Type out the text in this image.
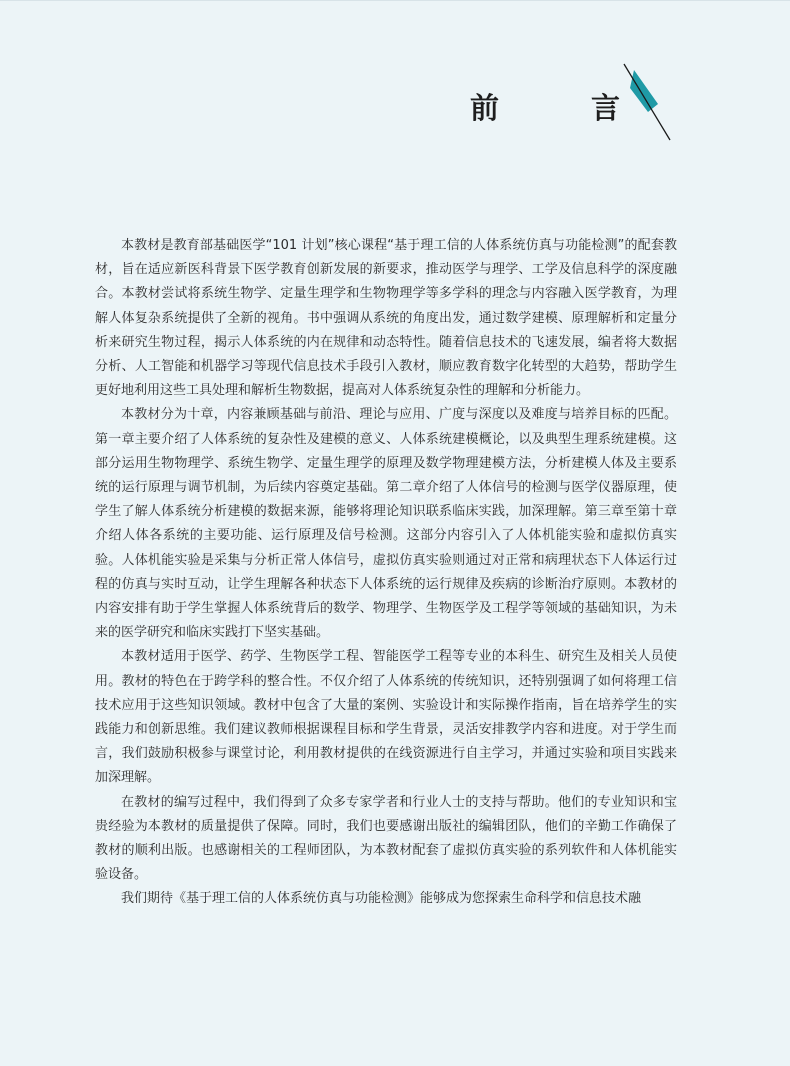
前	言

本教材是教育部基础医学“101 计划”核心课程“基于理工信的人体系统仿真与功能检测”的配套教材，旨在适应新医科背景下医学教育创新发展的新要求，推动医学与理学、工学及信息科学的深度融合。本教材尝试将系统生物学、定量生理学和生物物理学等多学科的理念与内容融入医学教育，为理解人体复杂系统提供了全新的视角。书中强调从系统的角度出发，通过数学建模、原理解析和定量分析来研究生物过程，揭示人体系统的内在规律和动态特性。随着信息技术的飞速发展，编者将大数据分析、人工智能和机器学习等现代信息技术手段引入教材，顺应教育数字化转型的大趋势，帮助学生更好地利用这些工具处理和解析生物数据，提高对人体系统复杂性的理解和分析能力。

本教材分为十章，内容兼顾基础与前沿、理论与应用、广度与深度以及难度与培养目标的匹配。第一章主要介绍了人体系统的复杂性及建模的意义、人体系统建模概论，以及典型生理系统建模。这部分运用生物物理学、系统生物学、定量生理学的原理及数学物理建模方法，分析建模人体及主要系统的运行原理与调节机制，为后续内容奠定基础。第二章介绍了人体信号的检测与医学仪器原理，使学生了解人体系统分析建模的数据来源，能够将理论知识联系临床实践，加深理解。第三章至第十章介绍人体各系统的主要功能、运行原理及信号检测。这部分内容引入了人体机能实验和虚拟仿真实验。人体机能实验是采集与分析正常人体信号，虚拟仿真实验则通过对正常和病理状态下人体运行过程的仿真与实时互动，让学生理解各种状态下人体系统的运行规律及疾病的诊断治疗原则。本教材的内容安排有助于学生掌握人体系统背后的数学、物理学、生物医学及工程学等领域的基础知识，为未来的医学研究和临床实践打下坚实基础。

本教材适用于医学、药学、生物医学工程、智能医学工程等专业的本科生、研究生及相关人员使用。教材的特色在于跨学科的整合性。不仅介绍了人体系统的传统知识，还特别强调了如何将理工信技术应用于这些知识领域。教材中包含了大量的案例、实验设计和实际操作指南，旨在培养学生的实践能力和创新思维。我们建议教师根据课程目标和学生背景，灵活安排教学内容和进度。对于学生而言，我们鼓励积极参与课堂讨论，利用教材提供的在线资源进行自主学习，并通过实验和项目实践来加深理解。

在教材的编写过程中，我们得到了众多专家学者和行业人士的支持与帮助。他们的专业知识和宝贵经验为本教材的质量提供了保障。同时，我们也要感谢出版社的编辑团队，他们的辛勤工作确保了教材的顺利出版。也感谢相关的工程师团队，为本教材配套了虚拟仿真实验的系列软件和人体机能实验设备。

我们期待《基于理工信的人体系统仿真与功能检测》能够成为您探索生命科学和信息技术融
